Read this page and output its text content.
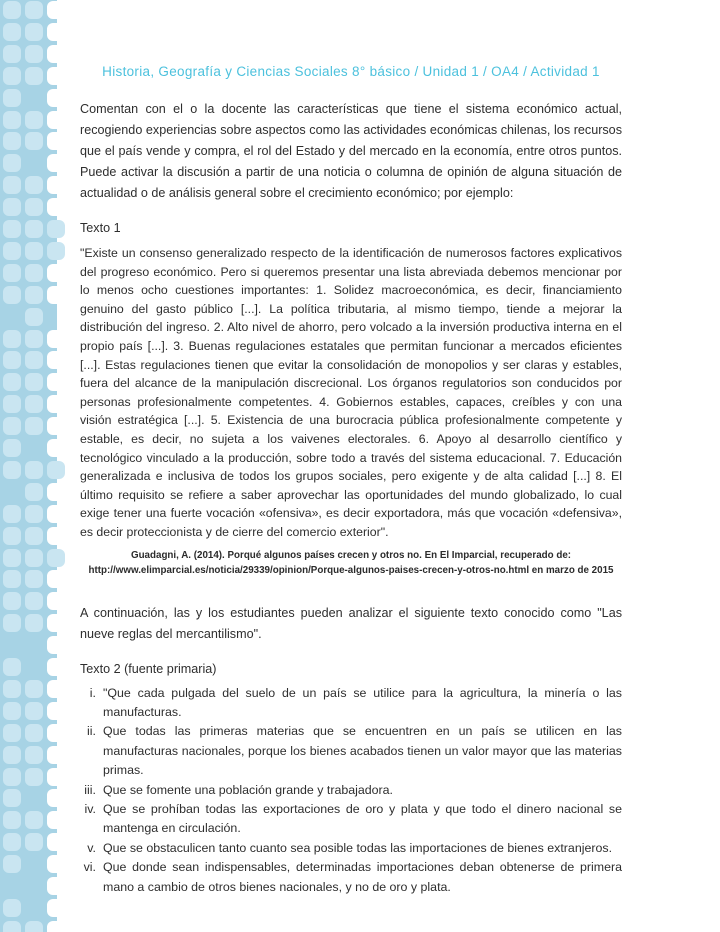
Historia, Geografía y Ciencias Sociales 8° básico / Unidad 1 / OA4 / Actividad 1

Comentan con el o la docente las características que tiene el sistema económico actual, recogiendo experiencias sobre aspectos como las actividades económicas chilenas, los recursos que el país vende y compra, el rol del Estado y del mercado en la economía, entre otros puntos. Puede activar la discusión a partir de una noticia o columna de opinión de alguna situación de actualidad o de análisis general sobre el crecimiento económico; por ejemplo:

Texto 1

"Existe un consenso generalizado respecto de la identificación de numerosos factores explicativos del progreso económico. Pero si queremos presentar una lista abreviada debemos mencionar por lo menos ocho cuestiones importantes: 1. Solidez macroeconómica, es decir, financiamiento genuino del gasto público [...]. La política tributaria, al mismo tiempo, tiende a mejorar la distribución del ingreso. 2. Alto nivel de ahorro, pero volcado a la inversión productiva interna en el propio país [...]. 3. Buenas regulaciones estatales que permitan funcionar a mercados eficientes [...]. Estas regulaciones tienen que evitar la consolidación de monopolios y ser claras y estables, fuera del alcance de la manipulación discrecional. Los órganos regulatorios son conducidos por personas profesionalmente competentes. 4. Gobiernos estables, capaces, creíbles y con una visión estratégica [...]. 5. Existencia de una burocracia pública profesionalmente competente y estable, es decir, no sujeta a los vaivenes electorales. 6. Apoyo al desarrollo científico y tecnológico vinculado a la producción, sobre todo a través del sistema educacional. 7. Educación generalizada e inclusiva de todos los grupos sociales, pero exigente y de alta calidad [...] 8. El último requisito se refiere a saber aprovechar las oportunidades del mundo globalizado, lo cual exige tener una fuerte vocación «ofensiva», es decir exportadora, más que vocación «defensiva», es decir proteccionista y de cierre del comercio exterior".

Guadagni, A. (2014). Porqué algunos países crecen y otros no. En El Imparcial, recuperado de:
http://www.elimparcial.es/noticia/29339/opinion/Porque-algunos-paises-crecen-y-otros-no.html en marzo de 2015

A continuación, las y los estudiantes pueden analizar el siguiente texto conocido como "Las nueve reglas del mercantilismo".

Texto 2 (fuente primaria)
i. "Que cada pulgada del suelo de un país se utilice para la agricultura, la minería o las manufacturas.
ii. Que todas las primeras materias que se encuentren en un país se utilicen en las manufacturas nacionales, porque los bienes acabados tienen un valor mayor que las materias primas.
iii. Que se fomente una población grande y trabajadora.
iv. Que se prohíban todas las exportaciones de oro y plata y que todo el dinero nacional se mantenga en circulación.
v. Que se obstaculicen tanto cuanto sea posible todas las importaciones de bienes extranjeros.
vi. Que donde sean indispensables, determinadas importaciones deban obtenerse de primera mano a cambio de otros bienes nacionales, y no de oro y plata.
